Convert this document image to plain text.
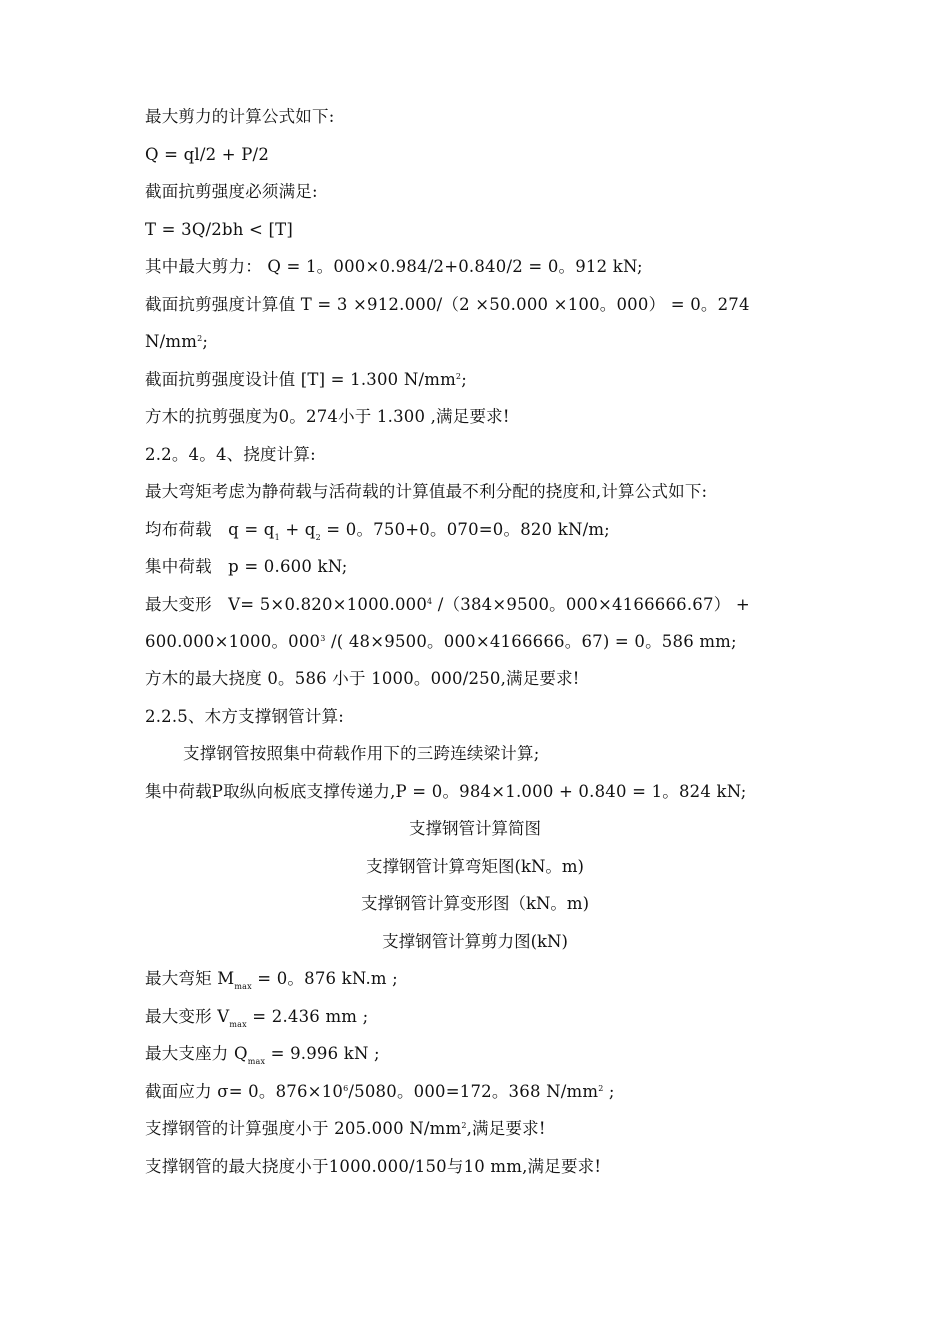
最大剪力的计算公式如下:
Q = ql/2 + P/2
截面抗剪强度必须满足:
T = 3Q/2bh < [T]
其中最大剪力： Q = 1。000×0.984/2+0.840/2 = 0。912 kN;
截面抗剪强度计算值 T = 3 ×912.000/（2 ×50.000 ×100。000） = 0。274
$N/mm^2$;
截面抗剪强度设计值 [T] = 1.300 $N/mm^2$;
方木的抗剪强度为0。274小于 1.300 ,满足要求!
2.2。4。4、挠度计算:
最大弯矩考虑为静荷载与活荷载的计算值最不利分配的挠度和,计算公式如下:
均布荷载   $q = q_1 + q_2 = 0$。750+0。070=0。820 kN/m;
集中荷载   p = 0.600 kN;
最大变形   $V= 5\times 0.820\times 1000.000^4$ /（384×9500。000×4166666.67） +
600.000×1000。$000^3$ /( 48×9500。000×4166666。67) = 0。586 mm;
方木的最大挠度 0。586 小于 1000。000/250,满足要求!
2.2.5、木方支撑钢管计算:
支撑钢管按照集中荷载作用下的三跨连续梁计算;
集中荷载P取纵向板底支撑传递力,P = 0。984×1.000 + 0.840 = 1。824 kN;
支撑钢管计算简图
支撑钢管计算弯矩图(kN。m)
支撑钢管计算变形图（kN。m)
支撑钢管计算剪力图(kN)
最大弯矩 $M_{max} = 0$。876 kN.m ;
最大变形 $V_{max} = 2.436$ mm ;
最大支座力 $Q_{max} = 9.996$ kN ;
截面应力 σ= 0。$876\times 10^6/5080$。000=172。368 $N/mm^2$ ;
支撑钢管的计算强度小于 205.000 $N/mm^2$,满足要求!
支撑钢管的最大挠度小于1000.000/150与10 mm,满足要求!
